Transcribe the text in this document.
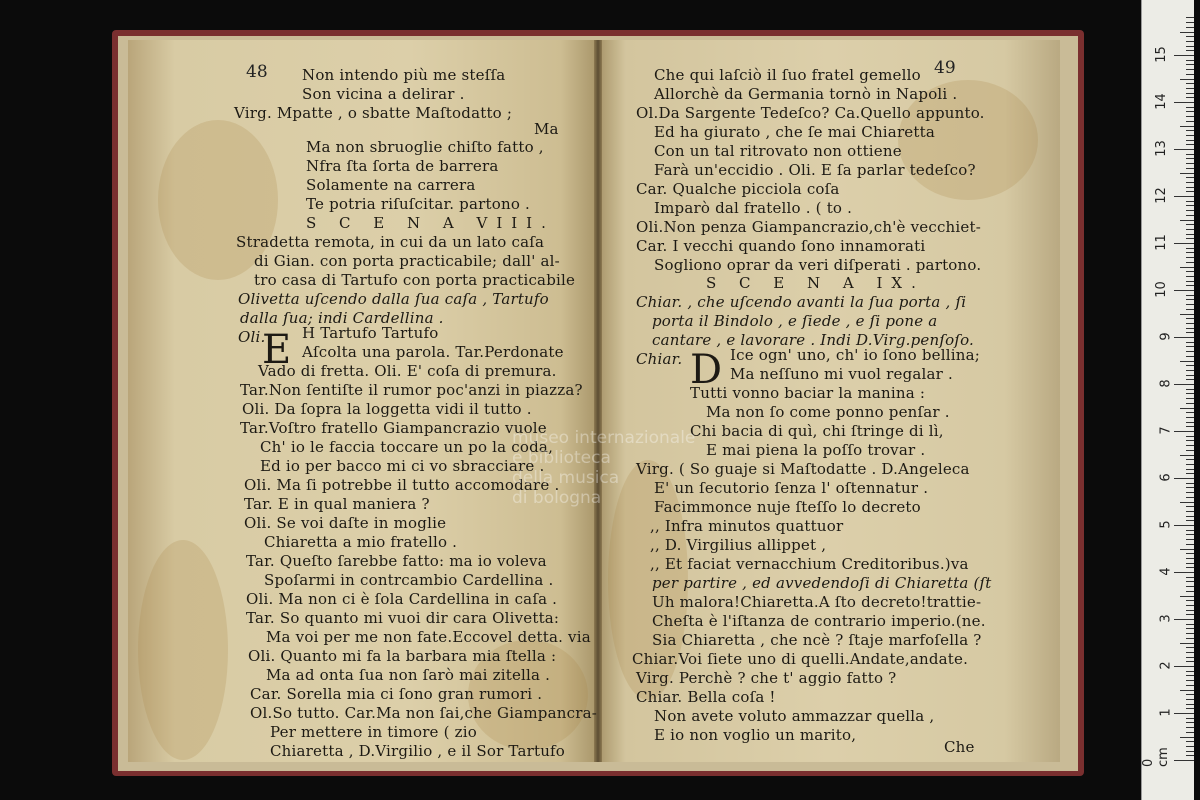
48	49
E	D
Non intendo più me steſſa
Son vicina a delirar .
Virg. Mpatte , o sbatte Maſtodatto ;
Ma
Ma non sbruoglie chiſto fatto ,
Nfra ſta ſorta de barrera
Solamente na carrera
Te potria riſuſcitar. partono .
S C E N A VIII.
Stradetta remota, in cui da un lato caſa
di Gian. con porta practicabile; dall' al-
tro casa di Tartufo con porta practicabile
Olivetta uſcendo dalla ſua caſa , Tartufo
dalla ſua; indi Cardellina .
Oli. H Tartufo Tartufo
Aſcolta una parola. Tar.Perdonate
Vado di fretta. Oli. E' coſa di premura.
Tar.Non ſentiſte il rumor poc'anzi in piazza?
Oli. Da ſopra la loggetta vidi il tutto .
Tar.Voſtro fratello Giampancrazio vuole
Ch' io le faccia toccare un po la coda,
Ed io per bacco mi ci vo sbracciare .
Oli. Ma ſi potrebbe il tutto accomodare .
Tar. E in qual maniera ?
Oli. Se voi daſte in moglie
Chiaretta a mio fratello .
Tar. Queſto ſarebbe fatto: ma io voleva
Spoſarmi in contrcambio Cardellina .
Oli. Ma non ci è ſola Cardellina in caſa .
Tar. So quanto mi vuoi dir cara Olivetta:
Ma voi per me non fate.Eccovel detta. via
Oli. Quanto mi fa la barbara mia ſtella :
Ma ad onta ſua non ſarò mai zitella .
Car. Sorella mia ci ſono gran rumori .
Ol.So tutto. Car.Ma non ſai,che Giampancra-
Per mettere in timore ( zio
Chiaretta , D.Virgilio , e il Sor Tartufo
Che qui laſciò il ſuo fratel gemello
Allorchè da Germania tornò in Napoli .
Ol.Da Sargente Tedeſco? Ca.Quello appunto.
Ed ha giurato , che ſe mai Chiaretta
Con un tal ritrovato non ottiene
Farà un'eccidio . Oli. E ſa parlar tedeſco?
Car. Qualche picciola coſa
Imparò dal fratello . ( to .
Oli.Non penza Giampancrazio,ch'è vecchiet-
Car. I vecchi quando ſono innamorati
Sogliono oprar da veri diſperati . partono.
S C E N A IX.
Chiar. , che uſcendo avanti la ſua porta , ſi
porta il Bindolo , e ſiede , e ſi pone a
cantare , e lavorare . Indi D.Virg.penſoſo.
Chiar.	Ice ogn' uno, ch' io ſono bellina;
Ma neſſuno mi vuol regalar .
Tutti vonno baciar la manina :
Ma non ſo come ponno penſar .
Chi bacia di quì, chi ſtringe di lì,
E mai piena la poſſo trovar .
Virg. ( So guaje si Maſtodatte . D.Angeleca
E' un ſecutorio ſenza l' oſtennatur .
Facimmonce nuje ſteſſo lo decreto
,, Infra minutos quattuor
,, D. Virgilius allippet ,
,, Et faciat vernacchium Creditoribus.)va
per partire , ed avvedendoſi di Chiaretta (ſt
Uh malora!Chiaretta.A ſto decreto!trattie-
Cheſta è l'iſtanza de contrario imperio.(ne.
Sia Chiaretta , che ncè ? ſtaje marfoſella ?
Chiar.Voi ſiete uno di quelli.Andate,andate.
Virg. Perchè ? che t' aggio fatto ?
Chiar. Bella coſa !
Non avete voluto ammazzar quella ,
E io non voglio un marito,
Che
museo internazionale
e biblioteca
della musica
di bologna
0 cm
1
2
3
4
5
6
7
8
9
10
11
12
13
14
15
